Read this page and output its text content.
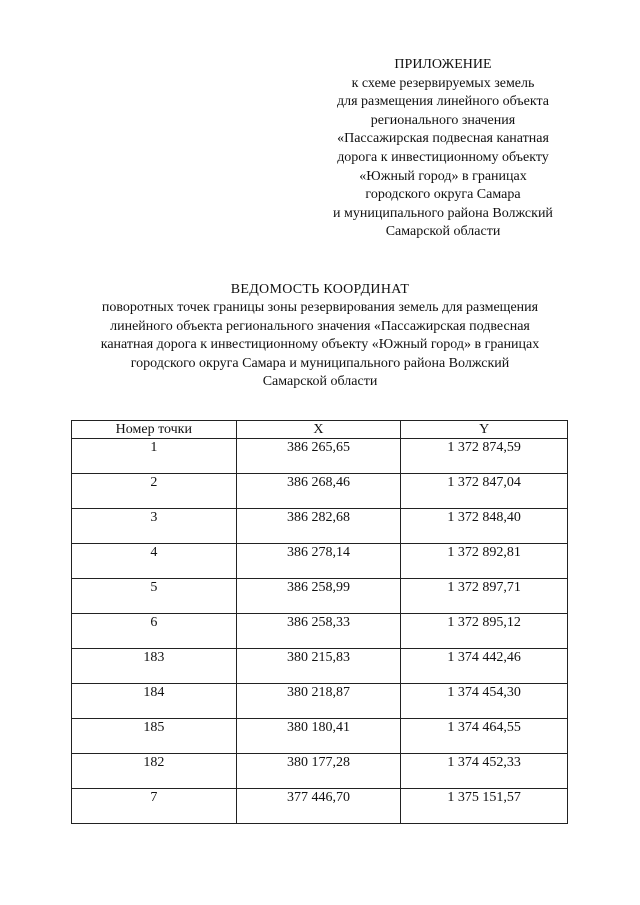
ПРИЛОЖЕНИЕ
к схеме резервируемых земель
для размещения линейного объекта
регионального значения
«Пассажирская подвесная канатная
дорога к инвестиционному объекту
«Южный город» в границах
городского округа Самара
и муниципального района Волжский
Самарской области
ВЕДОМОСТЬ КООРДИНАТ
поворотных точек границы зоны резервирования земель для размещения
линейного объекта регионального значения «Пассажирская подвесная
канатная дорога к инвестиционному объекту «Южный город» в границах
городского округа Самара и муниципального района Волжский
Самарской области
Номер точки	X	Y
1	386 265,65	1 372 874,59
2	386 268,46	1 372 847,04
3	386 282,68	1 372 848,40
4	386 278,14	1 372 892,81
5	386 258,99	1 372 897,71
6	386 258,33	1 372 895,12
183	380 215,83	1 374 442,46
184	380 218,87	1 374 454,30
185	380 180,41	1 374 464,55
182	380 177,28	1 374 452,33
7	377 446,70	1 375 151,57
